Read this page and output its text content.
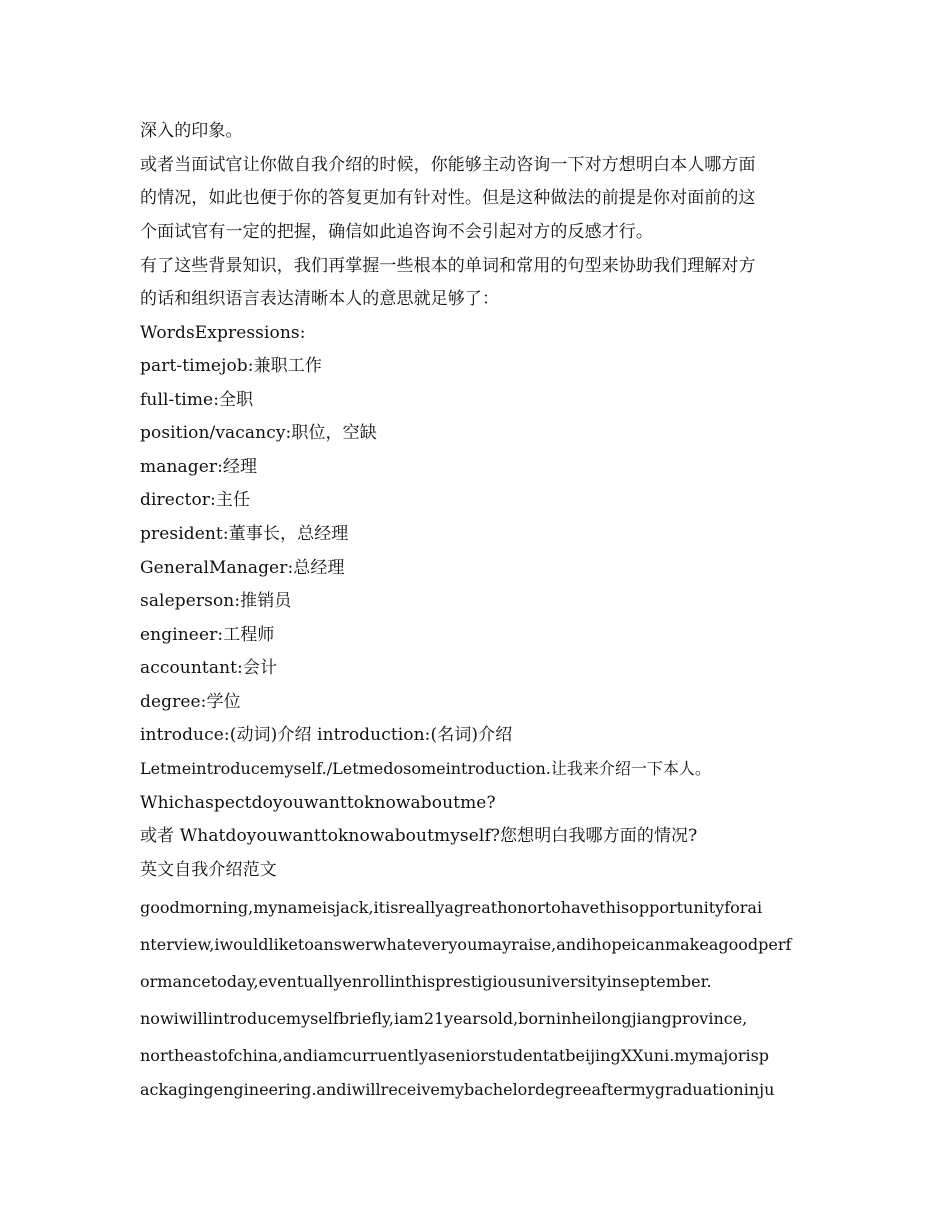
深入的印象。
或者当面试官让你做自我介绍的时候，你能够主动咨询一下对方想明白本人哪方面
的情况，如此也便于你的答复更加有针对性。但是这种做法的前提是你对面前的这
个面试官有一定的把握，确信如此追咨询不会引起对方的反感才行。
有了这些背景知识，我们再掌握一些根本的单词和常用的句型来协助我们理解对方
的话和组织语言表达清晰本人的意思就足够了：
WordsExpressions:
part-timejob:兼职工作
full-time:全职
position/vacancy:职位，空缺
manager:经理
director:主任
president:董事长，总经理
GeneralManager:总经理
saleperson:推销员
engineer:工程师
accountant:会计
degree:学位
introduce:(动词)介绍 introduction:(名词)介绍
Letmeintroducemyself./Letmedosomeintroduction.让我来介绍一下本人。
Whichaspectdoyouwanttoknowaboutme?
或者 Whatdoyouwanttoknowaboutmyself?您想明白我哪方面的情况?
英文自我介绍范文
goodmorning,mynameisjack,itisreallyagreathonortohavethisopportunityforai
nterview,iwouldliketoanswerwhateveryoumayraise,andihopeicanmakeagoodperf
ormancetoday,eventuallyenrollinthisprestigiousuniversityinseptember.
nowiwillintroducemyselfbriefly,iam21yearsold,borninheilongjiangprovince,
northeastofchina,andiamcurruentlyaseniorstudentatbeijingXXuni.mymajorisp
ackagingengineering.andiwillreceivemybachelordegreeaftermygraduationinju
